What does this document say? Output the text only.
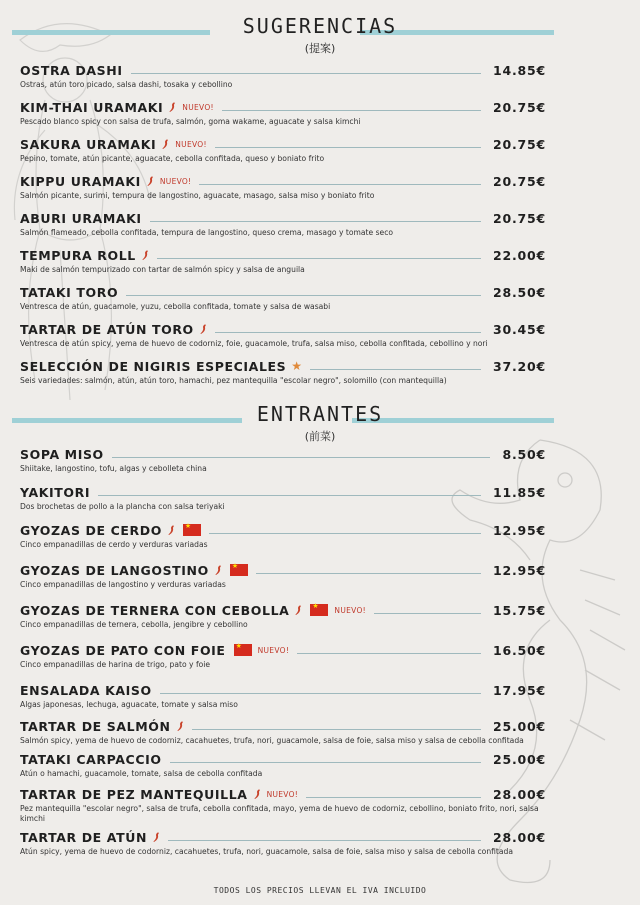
SUGERENCIAS
(提案)
OSTRA DASHI	14.85€
Ostras, atún toro picado, salsa dashi, tosaka y cebollino
KIM-THAI URAMAKI	NUEVO!	20.75€
Pescado blanco spicy con salsa de trufa, salmón, goma wakame, aguacate y salsa kimchi
SAKURA URAMAKI	NUEVO!	20.75€
Pepino, tomate, atún picante, aguacate, cebolla confitada, queso y boniato frito
KIPPU URAMAKI	NUEVO!	20.75€
Salmón picante, surimi, tempura de langostino, aguacate, masago, salsa miso y boniato frito
ABURI URAMAKI	20.75€
Salmón flameado, cebolla confitada, tempura de langostino, queso crema, masago y tomate seco
TEMPURA ROLL	22.00€
Maki de salmón tempurizado con tartar de salmón spicy y salsa de anguila
TATAKI TORO	28.50€
Ventresca de atún, guacamole, yuzu, cebolla confitada, tomate y salsa de wasabi
TARTAR DE ATÚN TORO	30.45€
Ventresca de atún spicy, yema de huevo de codorniz, foie, guacamole, trufa, salsa miso, cebolla confitada, cebollino y nori
SELECCIÓN DE NIGIRIS ESPECIALES ★	37.20€
Seis variedades: salmón, atún, atún toro, hamachi, pez mantequilla "escolar negro", solomillo (con mantequilla)
ENTRANTES
(前菜)
SOPA MISO	8.50€
Shiitake, langostino, tofu, algas y cebolleta china
YAKITORI	11.85€
Dos brochetas de pollo a la plancha con salsa teriyaki
GYOZAS DE CERDO ★	12.95€
Cinco empanadillas de cerdo y verduras variadas
GYOZAS DE LANGOSTINO ★	12.95€
Cinco empanadillas de langostino y verduras variadas
GYOZAS DE TERNERA CON CEBOLLA ★	NUEVO!	15.75€
Cinco empanadillas de ternera, cebolla, jengibre y cebollino
GYOZAS DE PATO CON FOIE ★	NUEVO!	16.50€
Cinco empanadillas de harina de trigo, pato y foie
ENSALADA KAISO	17.95€
Algas japonesas, lechuga, aguacate, tomate y salsa miso
TARTAR DE SALMÓN	25.00€
Salmón spicy, yema de huevo de codorniz, cacahuetes, trufa, nori, guacamole, salsa de foie, salsa miso y salsa de cebolla confitada
TATAKI CARPACCIO	25.00€
Atún o hamachi, guacamole, tomate, salsa de cebolla confitada
TARTAR DE PEZ MANTEQUILLA	NUEVO!	28.00€
Pez mantequilla "escolar negro", salsa de trufa, cebolla confitada, mayo, yema de huevo de codorniz, cebollino, boniato frito, nori, salsa kimchi
TARTAR DE ATÚN	28.00€
Atún spicy, yema de huevo de codorniz, cacahuetes, trufa, nori, guacamole, salsa de foie, salsa miso y salsa de cebolla confitada
TODOS LOS PRECIOS LLEVAN EL IVA INCLUIDO
